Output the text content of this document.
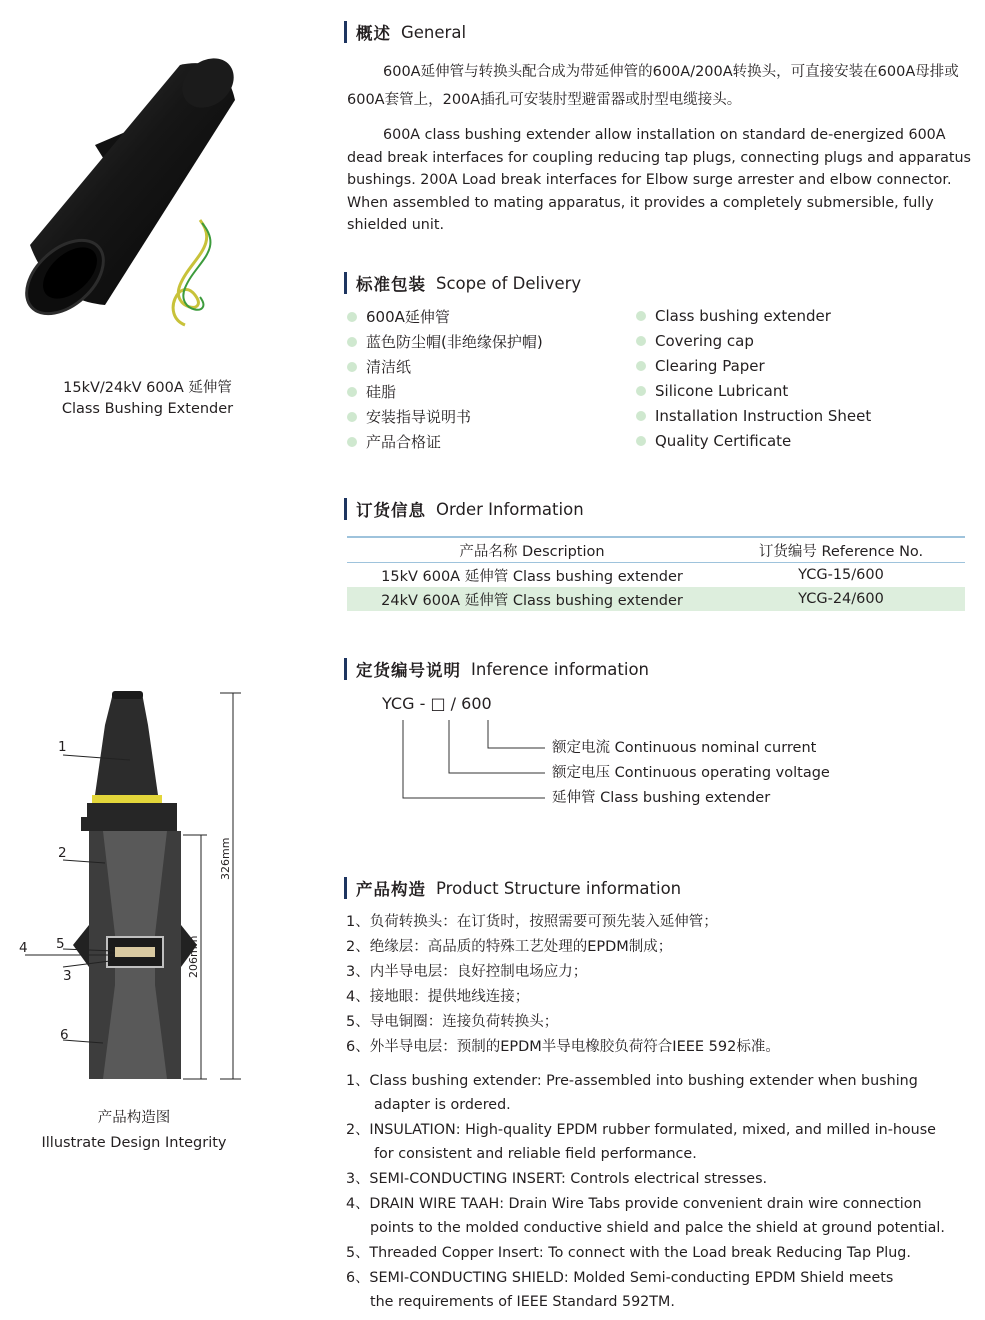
15kV/24kV 600A 延伸管
Class Bushing Extender
概述 General
600A延伸管与转换头配合成为带延伸管的600A/200A转换头，可直接安装在600A母排或600A套管上，200A插孔可安装肘型避雷器或肘型电缆接头。
600A class bushing extender allow installation on standard de-energized 600A dead break interfaces for coupling reducing tap plugs, connecting plugs and apparatus bushings. 200A Load break interfaces for Elbow surge arrester and elbow connector. When assembled to mating apparatus, it provides a completely submersible, fully shielded unit.
标准包装 Scope of Delivery
600A延伸管
蓝色防尘帽(非绝缘保护帽)
清洁纸
硅脂
安装指导说明书
产品合格证
Class bushing extender
Covering cap
Clearing Paper
Silicone Lubricant
Installation Instruction Sheet
Quality Certificate
订货信息 Order Information
产品名称 Description	订货编号 Reference No.
15kV 600A 延伸管 Class bushing extender	YCG-15/600
24kV 600A 延伸管 Class bushing extender	YCG-24/600
定货编号说明 Inference information
YCG - □ / 600
额定电流 Continuous nominal current
额定电压 Continuous operating voltage
延伸管 Class bushing extender
产品构造 Product Structure information
1、负荷转换头：在订货时，按照需要可预先装入延伸管；
2、绝缘层：高品质的特殊工艺处理的EPDM制成；
3、内半导电层：良好控制电场应力；
4、接地眼：提供地线连接；
5、导电铜圈：连接负荷转换头；
6、外半导电层：预制的EPDM半导电橡胶负荷符合IEEE 592标准。
1、Class bushing extender: Pre-assembled into bushing extender when bushing
adapter is ordered.
2、INSULATION: High-quality EPDM rubber formulated, mixed, and milled in-house
for consistent and reliable field performance.
3、SEMI-CONDUCTING INSERT: Controls electrical stresses.
4、DRAIN WIRE TAAH: Drain Wire Tabs provide convenient drain wire connection
points to the molded conductive shield and palce the shield at ground potential.
5、Threaded Copper Insert: To connect with the Load break Reducing Tap Plug.
6、SEMI-CONDUCTING SHIELD: Molded Semi-conducting EPDM Shield meets
the requirements of IEEE Standard 592TM.
1
2
3
4 5
6
326mm
206mm
产品构造图
Illustrate Design Integrity
